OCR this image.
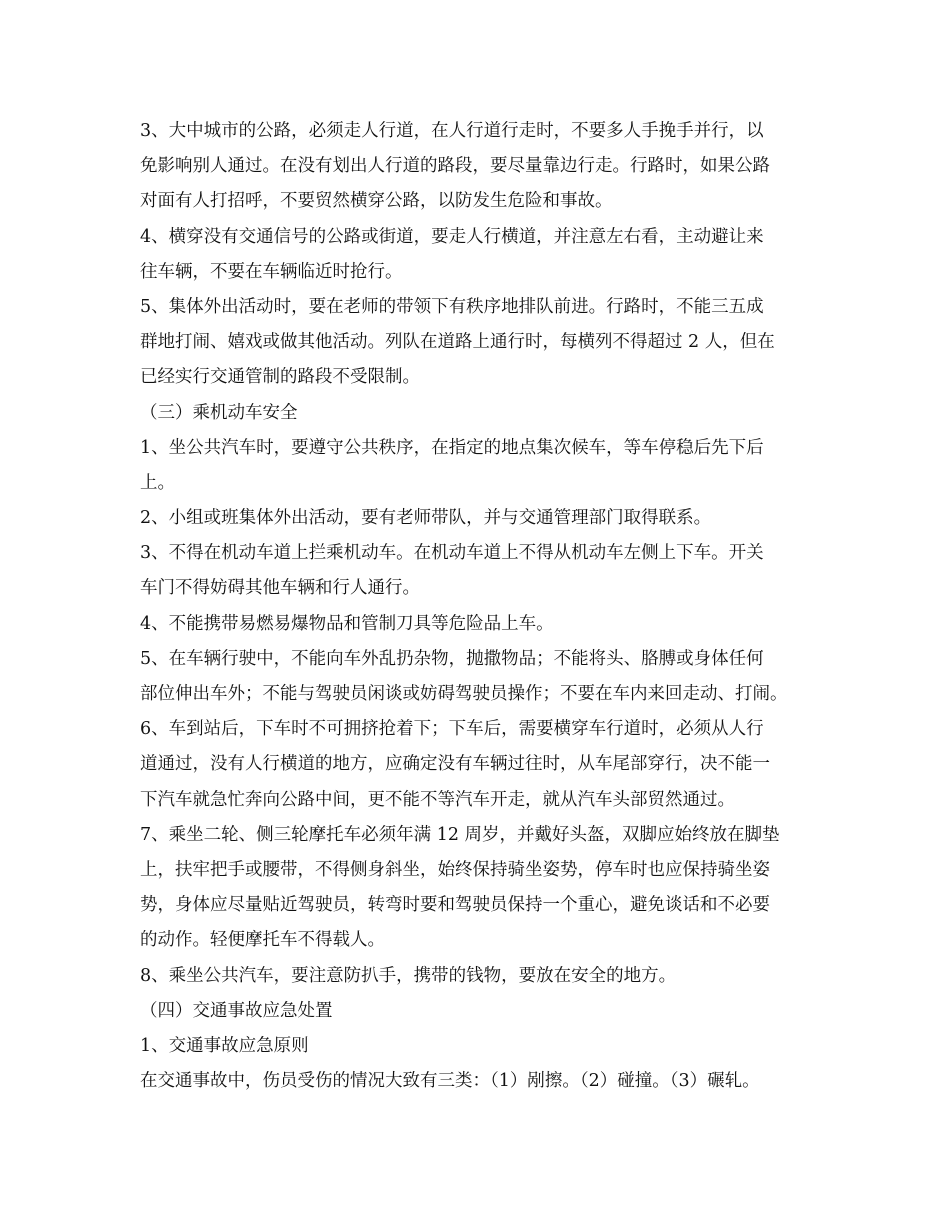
3、大中城市的公路，必须走人行道，在人行道行走时，不要多人手挽手并行，以
免影响别人通过。在没有划出人行道的路段，要尽量靠边行走。行路时，如果公路
对面有人打招呼，不要贸然横穿公路，以防发生危险和事故。
4、横穿没有交通信号的公路或街道，要走人行横道，并注意左右看，主动避让来
往车辆，不要在车辆临近时抢行。
5、集体外出活动时，要在老师的带领下有秩序地排队前进。行路时，不能三五成
群地打闹、嬉戏或做其他活动。列队在道路上通行时，每横列不得超过 2 人，但在
已经实行交通管制的路段不受限制。
（三）乘机动车安全
1、坐公共汽车时，要遵守公共秩序，在指定的地点集次候车，等车停稳后先下后
上。
2、小组或班集体外出活动，要有老师带队，并与交通管理部门取得联系。
3、不得在机动车道上拦乘机动车。在机动车道上不得从机动车左侧上下车。开关
车门不得妨碍其他车辆和行人通行。
4、不能携带易燃易爆物品和管制刀具等危险品上车。
5、在车辆行驶中，不能向车外乱扔杂物，抛撒物品；不能将头、胳膊或身体任何
部位伸出车外；不能与驾驶员闲谈或妨碍驾驶员操作；不要在车内来回走动、打闹。
6、车到站后，下车时不可拥挤抢着下；下车后，需要横穿车行道时，必须从人行
道通过，没有人行横道的地方，应确定没有车辆过往时，从车尾部穿行，决不能一
下汽车就急忙奔向公路中间，更不能不等汽车开走，就从汽车头部贸然通过。
7、乘坐二轮、侧三轮摩托车必须年满 12 周岁，并戴好头盔，双脚应始终放在脚垫
上，扶牢把手或腰带，不得侧身斜坐，始终保持骑坐姿势，停车时也应保持骑坐姿
势，身体应尽量贴近驾驶员，转弯时要和驾驶员保持一个重心，避免谈话和不必要
的动作。轻便摩托车不得载人。
8、乘坐公共汽车，要注意防扒手，携带的钱物，要放在安全的地方。
（四）交通事故应急处置
1、交通事故应急原则
在交通事故中，伤员受伤的情况大致有三类：（1）剐擦。（2）碰撞。（3）碾轧。
